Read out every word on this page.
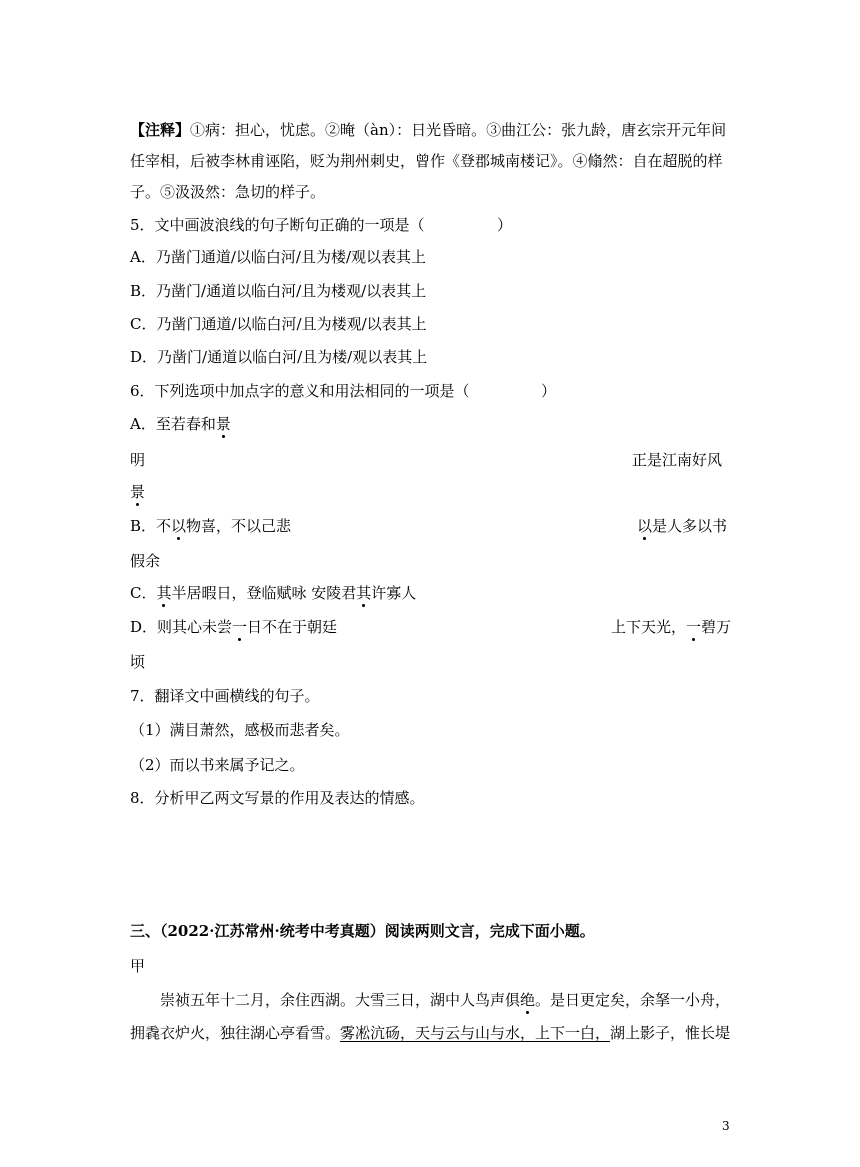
【注释】①病：担心，忧虑。②晻（àn）：日光昏暗。③曲江公：张九龄，唐玄宗开元年间
任宰相，后被李林甫诬陷，贬为荆州刺史，曾作《登郡城南楼记》。④翛然：自在超脱的样
子。⑤汲汲然：急切的样子。
5．文中画波浪线的句子断句正确的一项是（	）
A．乃凿门通道/以临白河/且为楼/观以表其上
B．乃凿门/通道以临白河/且为楼观/以表其上
C．乃凿门通道/以临白河/且为楼观/以表其上
D．乃凿门/通道以临白河/且为楼/观以表其上
6．下列选项中加点字的意义和用法相同的一项是（	）
A．至若春和景
明	正是江南好风
景
B．不以物喜，不以己悲	以是人多以书
假余
C．其半居暇日，登临赋咏 安陵君其许寡人
D．则其心未尝一日不在于朝廷	上下天光，一碧万
顷
7．翻译文中画横线的句子。
（1）满目萧然，感极而悲者矣。
（2）而以书来属予记之。
8．分析甲乙两文写景的作用及表达的情感。
三、（2022·江苏常州·统考中考真题）阅读两则文言，完成下面小题。
甲
崇祯五年十二月，余住西湖。大雪三日，湖中人鸟声俱绝。是日更定矣，余拏一小舟，
拥毳衣炉火，独往湖心亭看雪。雾凇沆砀，天与云与山与水，上下一白，湖上影子，惟长堤
3
